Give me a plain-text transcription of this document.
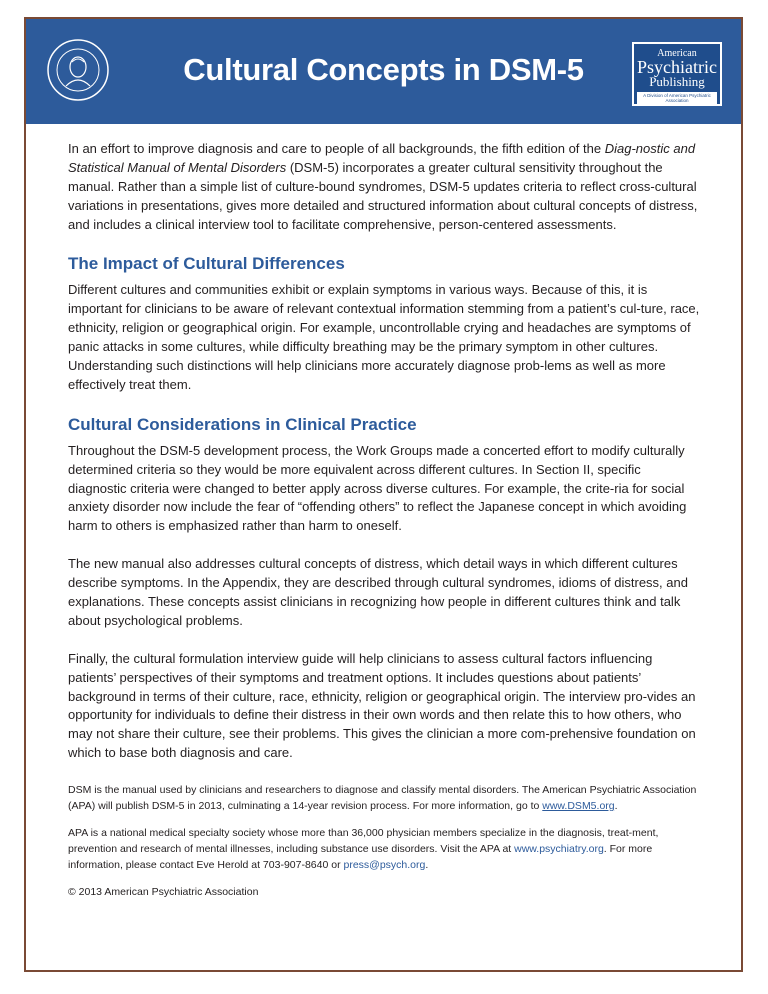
Cultural Concepts in DSM-5	American
Psychiatric
Publishing
A Division of American Psychiatric Association

In an effort to improve diagnosis and care to people of all backgrounds, the fifth edition of the Diag-nostic and Statistical Manual of Mental Disorders (DSM-5) incorporates a greater cultural sensitivity throughout the manual. Rather than a simple list of culture-bound syndromes, DSM-5 updates criteria to reflect cross-cultural variations in presentations, gives more detailed and structured information about cultural concepts of distress, and includes a clinical interview tool to facilitate comprehensive, person-centered assessments.

The Impact of Cultural Differences

Different cultures and communities exhibit or explain symptoms in various ways. Because of this, it is important for clinicians to be aware of relevant contextual information stemming from a patient’s cul-ture, race, ethnicity, religion or geographical origin. For example, uncontrollable crying and headaches are symptoms of panic attacks in some cultures, while difficulty breathing may be the primary symptom in other cultures. Understanding such distinctions will help clinicians more accurately diagnose prob-lems as well as more effectively treat them.

Cultural Considerations in Clinical Practice

Throughout the DSM-5 development process, the Work Groups made a concerted effort to modify culturally determined criteria so they would be more equivalent across different cultures. In Section II, specific diagnostic criteria were changed to better apply across diverse cultures. For example, the crite-ria for social anxiety disorder now include the fear of “offending others” to reflect the Japanese concept in which avoiding harm to others is emphasized rather than harm to oneself.

The new manual also addresses cultural concepts of distress, which detail ways in which different cultures describe symptoms. In the Appendix, they are described through cultural syndromes, idioms of distress, and explanations. These concepts assist clinicians in recognizing how people in different cultures think and talk about psychological problems.

Finally, the cultural formulation interview guide will help clinicians to assess cultural factors influencing patients’ perspectives of their symptoms and treatment options. It includes questions about patients’ background in terms of their culture, race, ethnicity, religion or geographical origin. The interview pro-vides an opportunity for individuals to define their distress in their own words and then relate this to how others, who may not share their culture, see their problems. This gives the clinician a more com-prehensive foundation on which to base both diagnosis and care.

DSM is the manual used by clinicians and researchers to diagnose and classify mental disorders. The American Psychiatric Association (APA) will publish DSM-5 in 2013, culminating a 14-year revision process. For more information, go to www.DSM5.org.

APA is a national medical specialty society whose more than 36,000 physician members specialize in the diagnosis, treat-ment, prevention and research of mental illnesses, including substance use disorders. Visit the APA at www.psychiatry.org. For more information, please contact Eve Herold at 703-907-8640 or press@psych.org.

© 2013 American Psychiatric Association
